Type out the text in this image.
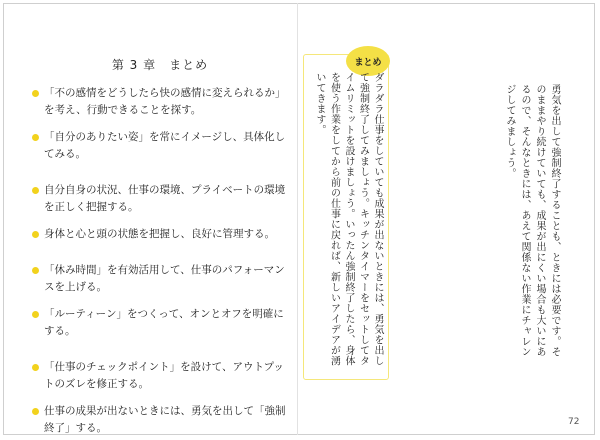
第 3 章　まとめ
「不の感情をどうしたら快の感情に変えられるか」を考え、行動できることを探す。
「自分のありたい姿」を常にイメージし、具体化してみる。
自分自身の状況、仕事の環境、プライベートの環境を正しく把握する。
身体と心と頭の状態を把握し、良好に管理する。
「休み時間」を有効活用して、仕事のパフォーマンスを上げる。
「ルーティーン」をつくって、オンとオフを明確にする。
「仕事のチェックポイント」を設けて、アウトプットのズレを修正する。
仕事の成果が出ないときには、勇気を出して「強制終了」する。
まとめ
ダラダラ仕事をしていても成果が出ないときには、勇気を出して強制終了してみましょう。キッチンタイマーをセットしてタイムリミットを設けましょう。いったん強制終了したら、身体を使う作業をしてから前の仕事に戻れば、新しいアイデアが湧いてきます。	勇気を出して強制終了することも、ときには必要です。そのままやり続けていても、成果が出にくい場合も大いにあるので、そんなときには、あえて関係ない作業にチャレンジしてみましょう。
72
